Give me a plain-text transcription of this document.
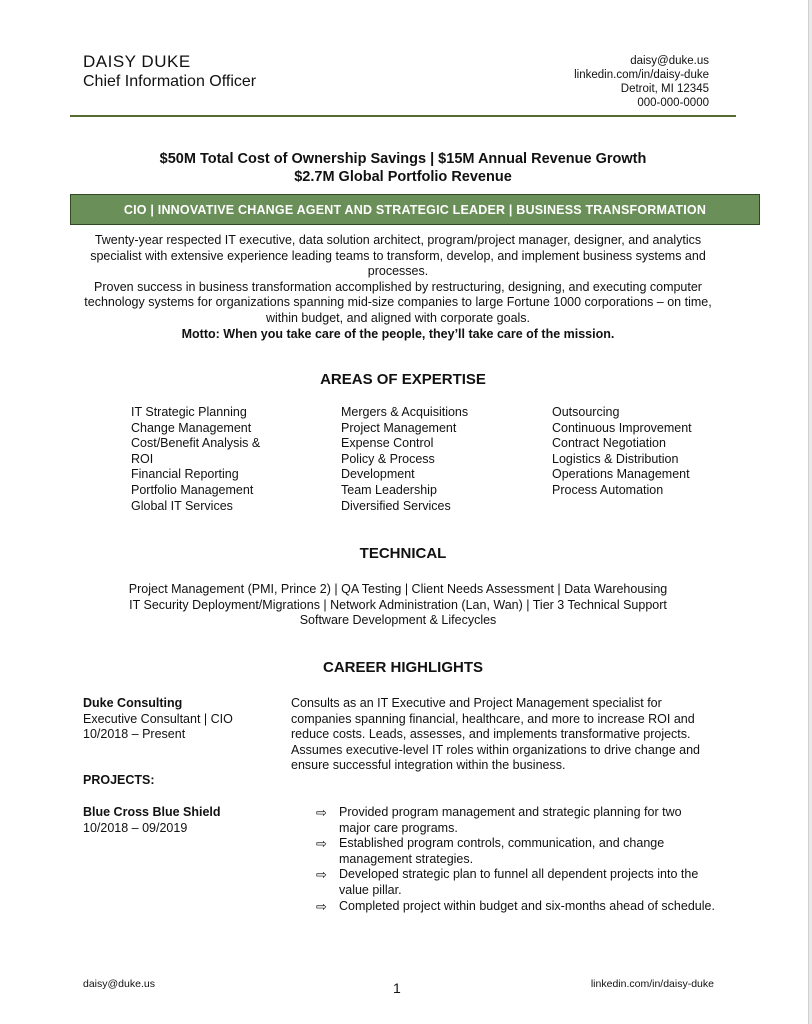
DAISY DUKE
Chief Information Officer
daisy@duke.us
linkedin.com/in/daisy-duke
Detroit, MI 12345
000-000-0000
$50M Total Cost of Ownership Savings | $15M Annual Revenue Growth
$2.7M Global Portfolio Revenue
CIO | INNOVATIVE CHANGE AGENT AND STRATEGIC LEADER | BUSINESS TRANSFORMATION

Twenty-year respected IT executive, data solution architect, program/project manager, designer, and analytics specialist with extensive experience leading teams to transform, develop, and implement business systems and processes.

Proven success in business transformation accomplished by restructuring, designing, and executing computer technology systems for organizations spanning mid-size companies to large Fortune 1000 corporations – on time, within budget, and aligned with corporate goals.

Motto: When you take care of the people, they’ll take care of the mission.

AREAS OF EXPERTISE
IT Strategic Planning
Change Management
Cost/Benefit Analysis & ROI
Financial Reporting
Portfolio Management
Global IT Services
Mergers & Acquisitions
Project Management
Expense Control
Policy & Process
Development
Team Leadership
Diversified Services
Outsourcing
Continuous Improvement
Contract Negotiation
Logistics & Distribution
Operations Management
Process Automation
TECHNICAL
Project Management (PMI, Prince 2) | QA Testing | Client Needs Assessment | Data Warehousing
IT Security Deployment/Migrations | Network Administration (Lan, Wan) | Tier 3 Technical Support
Software Development & Lifecycles
CAREER HIGHLIGHTS
Duke Consulting
Executive Consultant | CIO
10/2018 – Present
Consults as an IT Executive and Project Management specialist for companies spanning financial, healthcare, and more to increase ROI and reduce costs. Leads, assesses, and implements transformative projects. Assumes executive-level IT roles within organizations to drive change and ensure successful integration within the business.
PROJECTS:
Blue Cross Blue Shield
10/2018 – 09/2019
⇨ Provided program management and strategic planning for two major care programs.
⇨ Established program controls, communication, and change management strategies.
⇨ Developed strategic plan to funnel all dependent projects into the value pillar.
⇨ Completed project within budget and six-months ahead of schedule.
daisy@duke.us	1	linkedin.com/in/daisy-duke
